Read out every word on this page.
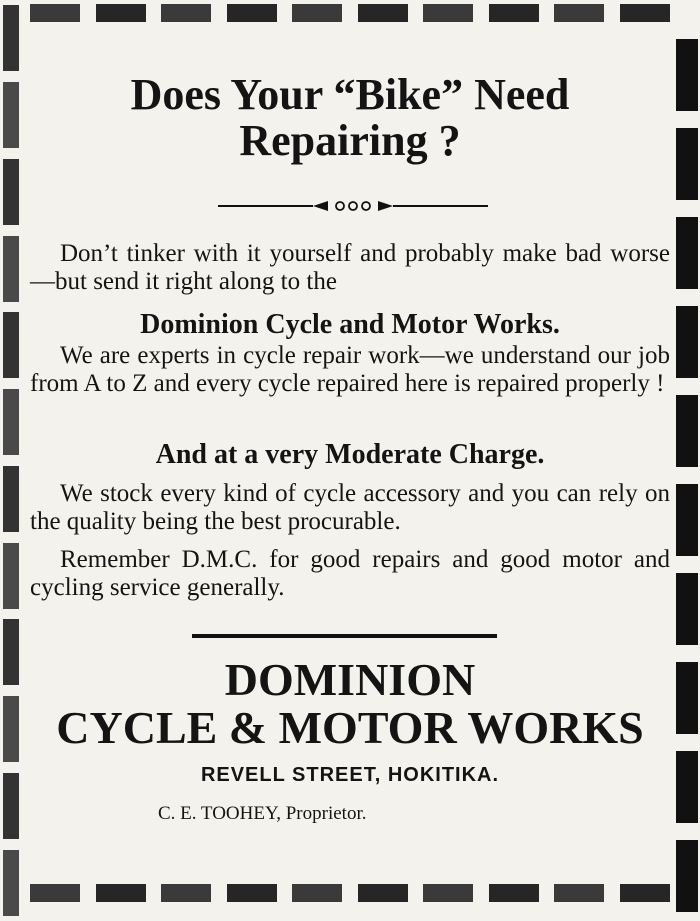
Does Your “Bike” Need
Repairing ?

Don’t tinker with it yourself and probably make bad worse—but send it right along to the

Dominion Cycle and Motor Works.

We are experts in cycle repair work—we understand our job from A to Z and every cycle repaired here is repaired properly !

And at a very Moderate Charge.

We stock every kind of cycle accessory and you can rely on the quality being the best procurable.

Remember D.M.C. for good repairs and good motor and cycling service generally.

DOMINION
CYCLE & MOTOR WORKS

REVELL STREET, HOKITIKA.

C. E. TOOHEY, Proprietor.
